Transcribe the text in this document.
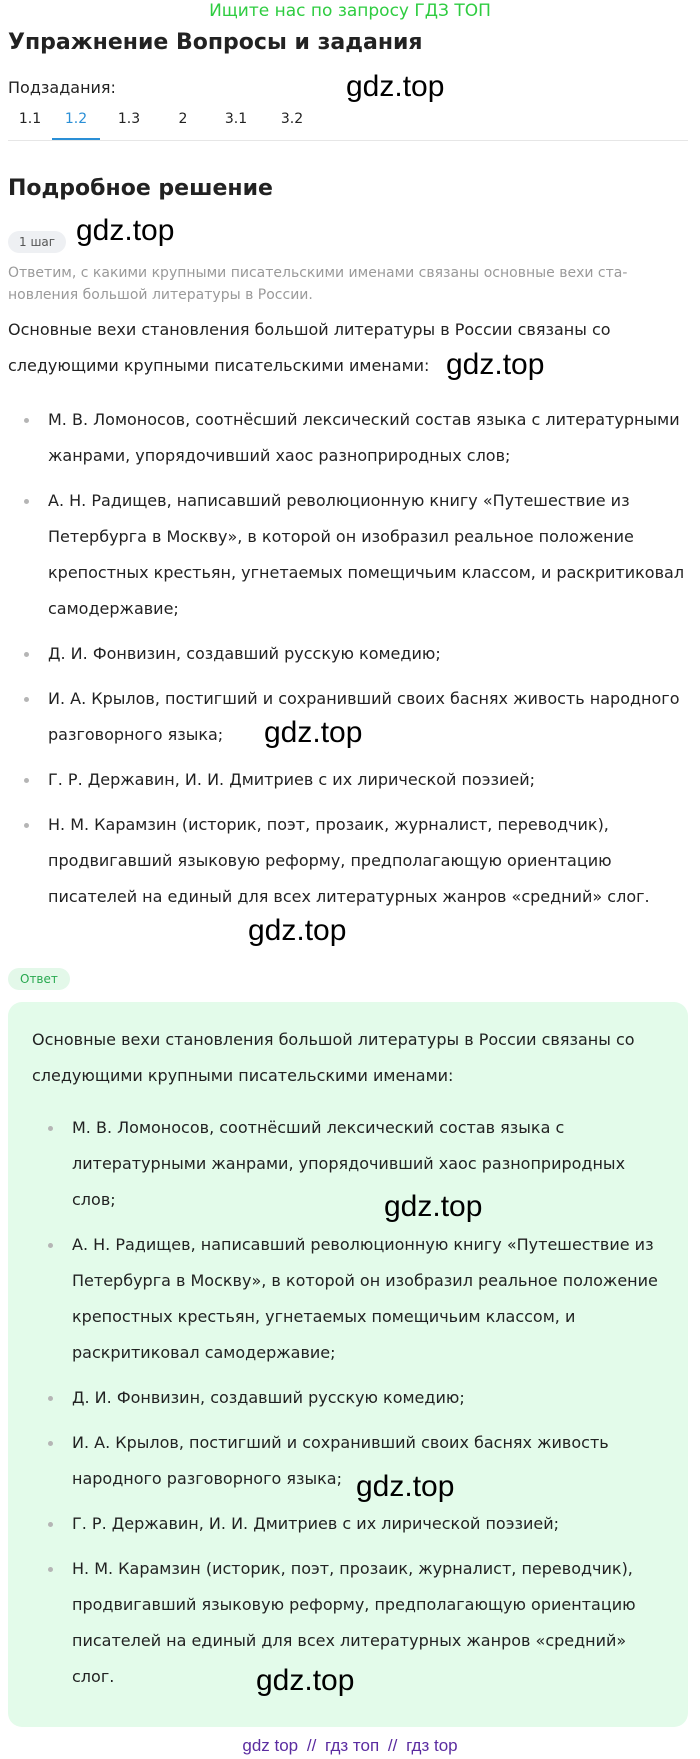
Ищите нас по запросу ГДЗ ТОП
Упражнение Вопросы и задания
Подзадания:	gdz.top
1.1	1.2	1.3	2	3.1	3.2
Подробное решение
1 шаг gdz.top
Ответим, с какими крупными писательскими именами связаны основные вехи становления большой литературы в России.
Основные вехи становления большой литературы в России связаны со следующими крупными писательскими именами: gdz.top
М. В. Ломоносов, соотнёсший лексический состав языка с литературными жанрами, упорядочивший хаос разноприродных слов;
А. Н. Радищев, написавший революционную книгу «Путешествие из Петербурга в Москву», в которой он изобразил реальное положение крепостных крестьян, угнетаемых помещичьим классом, и раскритиковал самодержавие;
Д. И. Фонвизин, создавший русскую комедию;
И. А. Крылов, постигший и сохранивший своих баснях живость народного разговорного языка;
Г. Р. Державин, И. И. Дмитриев с их лирической поэзией;
Н. М. Карамзин (историк, поэт, прозаик, журналист, переводчик), продвигавший языковую реформу, предполагающую ориентацию писателей на единый для всех литературных жанров «средний» слог.
gdz.top
gdz.top
Ответ
Основные вехи становления большой литературы в России связаны со следующими крупными писательскими именами:
М. В. Ломоносов, соотнёсший лексический состав языка с литературными жанрами, упорядочивший хаос разноприродных слов;
А. Н. Радищев, написавший революционную книгу «Путешествие из Петербурга в Москву», в которой он изобразил реальное положение крепостных крестьян, угнетаемых помещичьим классом, и раскритиковал самодержавие;
Д. И. Фонвизин, создавший русскую комедию;
И. А. Крылов, постигший и сохранивший своих баснях живость народного разговорного языка;
Г. Р. Державин, И. И. Дмитриев с их лирической поэзией;
Н. М. Карамзин (историк, поэт, прозаик, журналист, переводчик), продвигавший языковую реформу, предполагающую ориентацию писателей на единый для всех литературных жанров «средний» слог.
gdz.top
gdz.top
gdz.top
gdz top // гдз топ // гдз top
